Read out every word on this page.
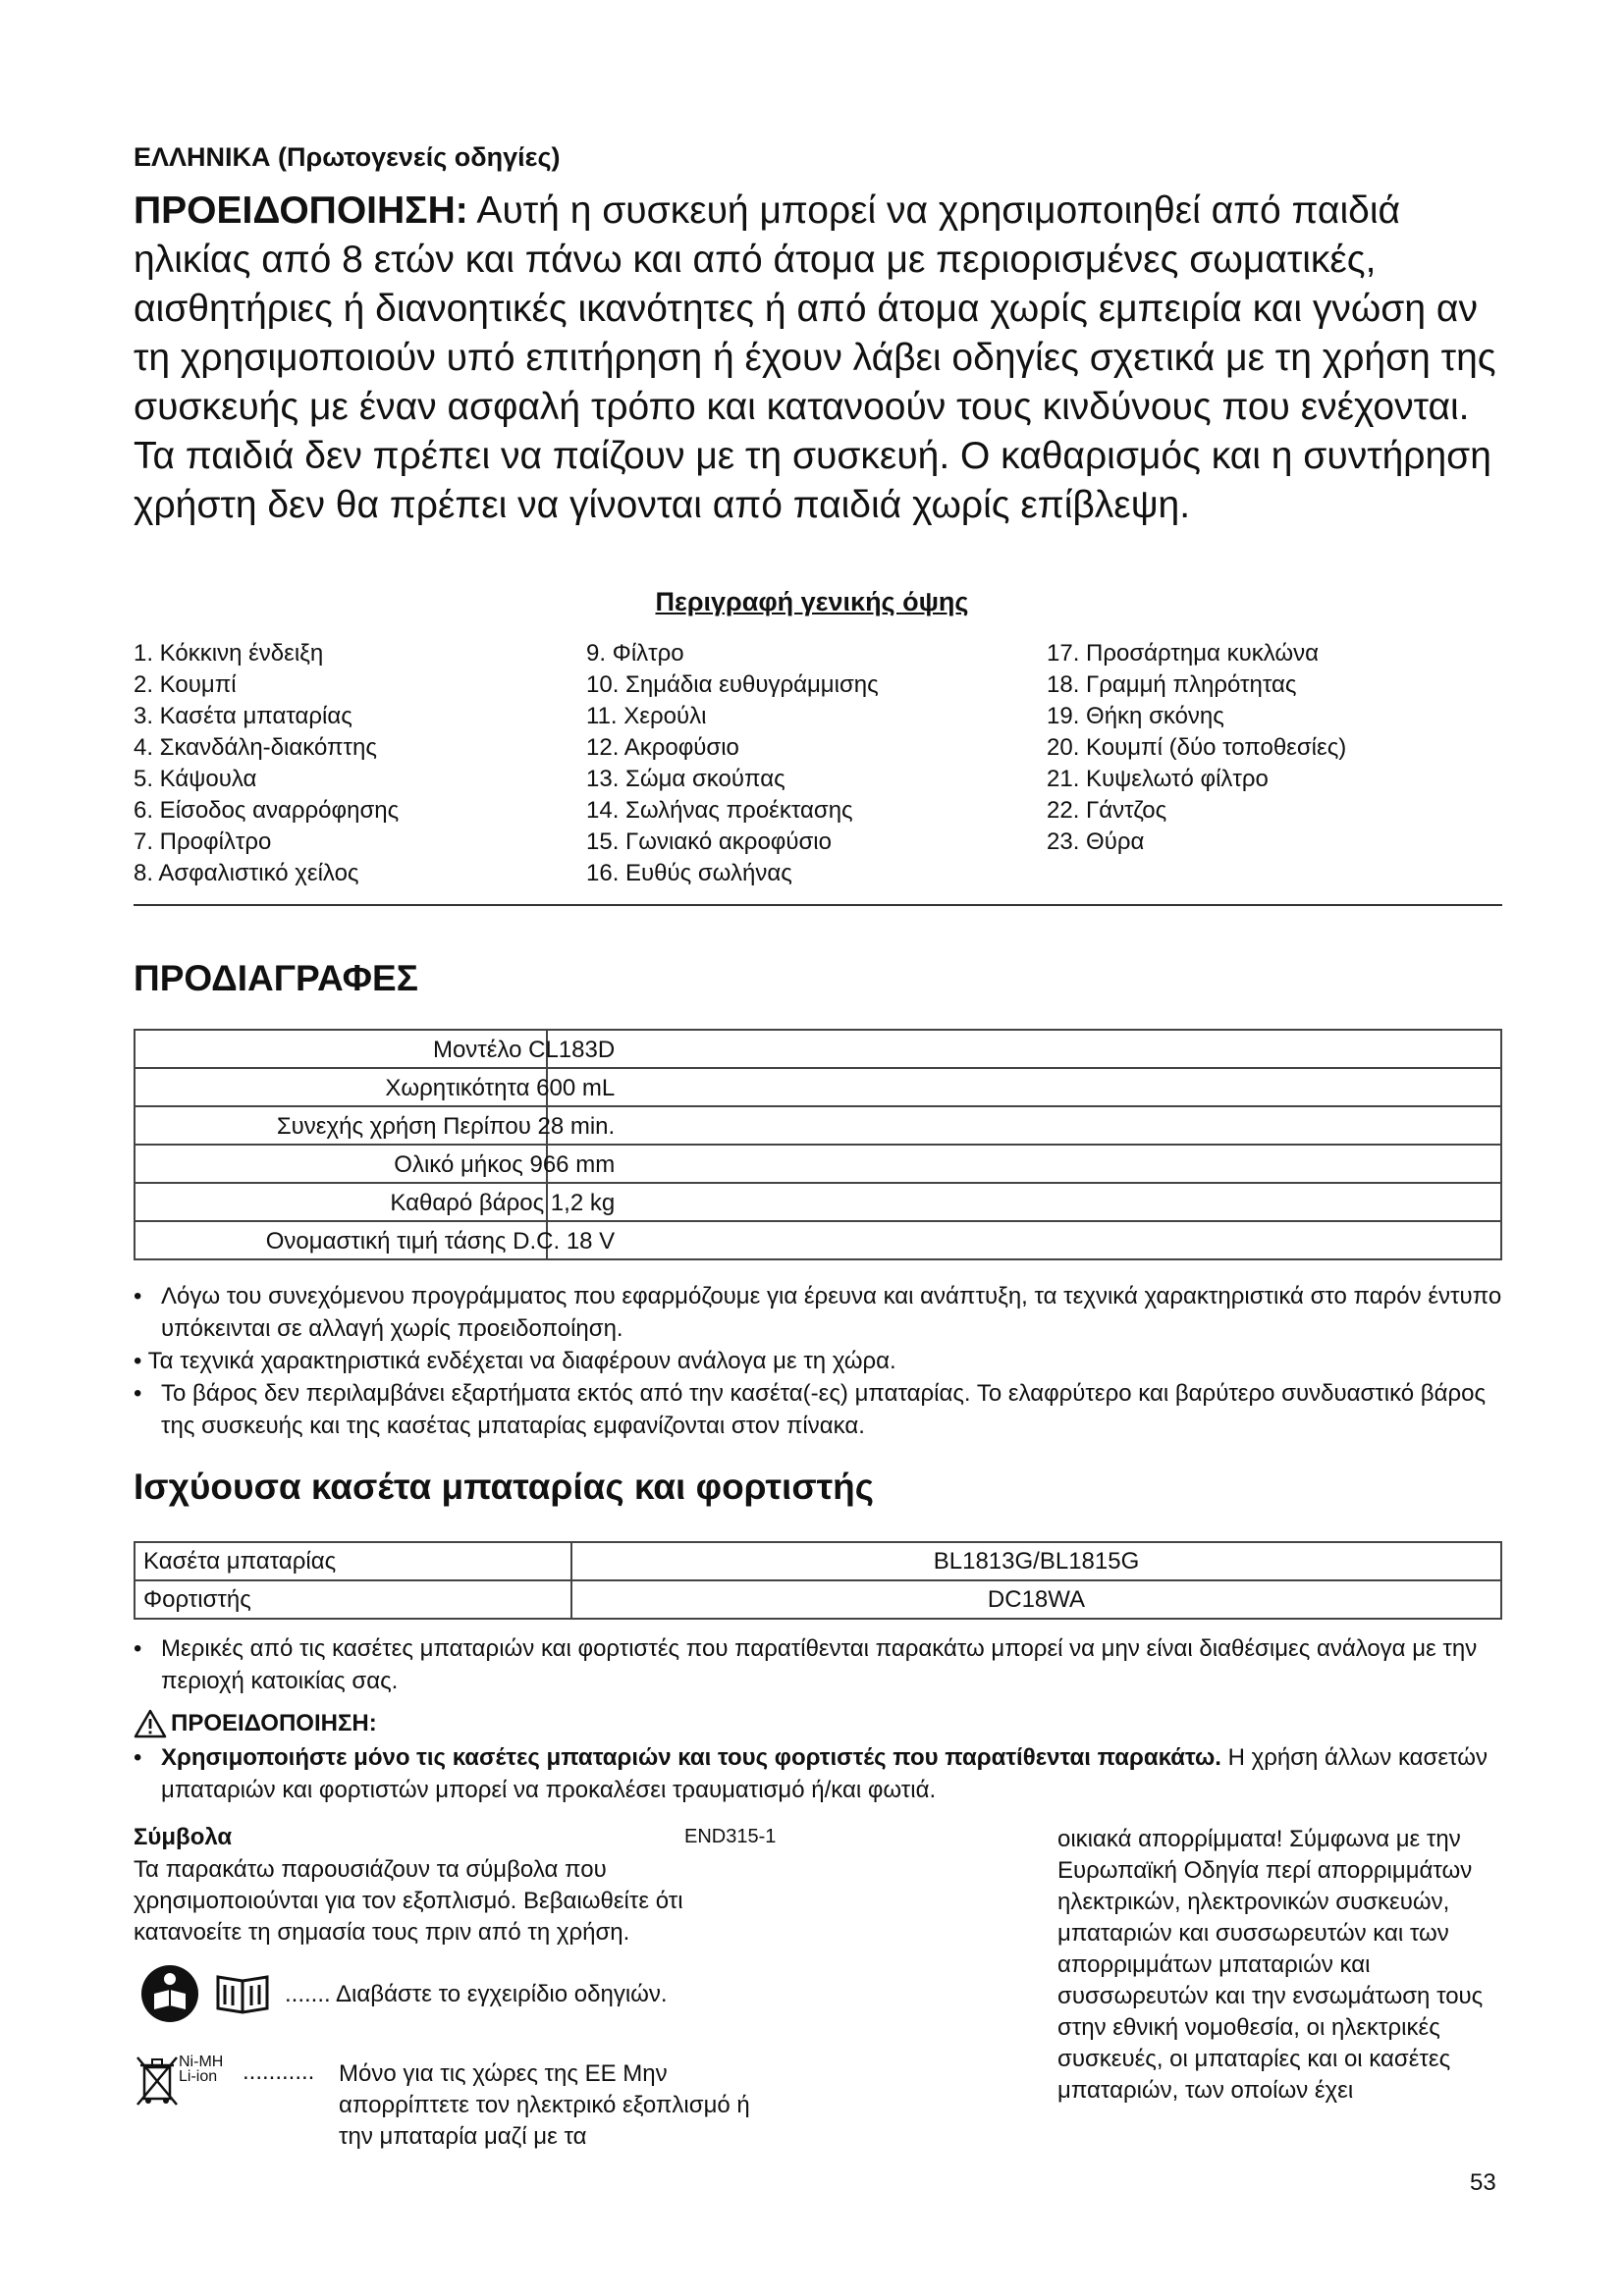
ΕΛΛΗΝΙΚΑ (Πρωτογενείς οδηγίες)

ΠΡΟΕΙΔΟΠΟΙΗΣΗ: Αυτή η συσκευή μπορεί να χρησιμοποιηθεί από παιδιά ηλικίας από 8 ετών και πάνω και από άτομα με περιορισμένες σωματικές, αισθητήριες ή διανοητικές ικανότητες ή από άτομα χωρίς εμπειρία και γνώση αν τη χρησιμοποιούν υπό επιτήρηση ή έχουν λάβει οδηγίες σχετικά με τη χρήση της συσκευής με έναν ασφαλή τρόπο και κατανοούν τους κινδύνους που ενέχονται. Τα παιδιά δεν πρέπει να παίζουν με τη συσκευή. Ο καθαρισμός και η συντήρηση χρήστη δεν θα πρέπει να γίνονται από παιδιά χωρίς επίβλεψη.

Περιγραφή γενικής όψης
1. Κόκκινη ένδειξη
2. Κουμπί
3. Κασέτα μπαταρίας
4. Σκανδάλη-διακόπτης
5. Κάψουλα
6. Είσοδος αναρρόφησης
7. Προφίλτρο
8. Ασφαλιστικό χείλος
9. Φίλτρο
10. Σημάδια ευθυγράμμισης
11. Χερούλι
12. Ακροφύσιο
13. Σώμα σκούπας
14. Σωλήνας προέκτασης
15. Γωνιακό ακροφύσιο
16. Ευθύς σωλήνας
17. Προσάρτημα κυκλώνα
18. Γραμμή πληρότητας
19. Θήκη σκόνης
20. Κουμπί (δύο τοποθεσίες)
21. Κυψελωτό φίλτρο
22. Γάντζος
23. Θύρα
ΠΡΟΔΙΑΓΡΑΦΕΣ
Μοντέλο CL183D	

Χωρητικότητα 600 mL	

Συνεχής χρήση Περίπου 28 min.	

Ολικό μήκος 966 mm	

Καθαρό βάρος 1,2 kg	

Ονομαστική τιμή τάσης D.C. 18 V	

• Λόγω του συνεχόμενου προγράμματος που εφαρμόζουμε για έρευνα και ανάπτυξη, τα τεχνικά χαρακτηριστικά στο παρόν έντυπο υπόκεινται σε αλλαγή χωρίς προειδοποίηση.
• Τα τεχνικά χαρακτηριστικά ενδέχεται να διαφέρουν ανάλογα με τη χώρα.
• Το βάρος δεν περιλαμβάνει εξαρτήματα εκτός από την κασέτα(-ες) μπαταρίας. Το ελαφρύτερο και βαρύτερο συνδυαστικό βάρος της συσκευής και της κασέτας μπαταρίας εμφανίζονται στον πίνακα.
Ισχύουσα κασέτα μπαταρίας και φορτιστής
Κασέτα μπαταρίας	BL1813G/BL1815G
Φορτιστής	DC18WA
• Μερικές από τις κασέτες μπαταριών και φορτιστές που παρατίθενται παρακάτω μπορεί να μην είναι διαθέσιμες ανάλογα με την περιοχή κατοικίας σας.
ΠΡΟΕΙΔΟΠΟΙΗΣΗ:
• Χρησιμοποιήστε μόνο τις κασέτες μπαταριών και τους φορτιστές που παρατίθενται παρακάτω. Η χρήση άλλων κασετών μπαταριών και φορτιστών μπορεί να προκαλέσει τραυματισμό ή/και φωτιά.
Σύμβολα	END315-1

Τα παρακάτω παρουσιάζουν τα σύμβολα που χρησιμοποιούνται για τον εξοπλισμό. Βεβαιωθείτε ότι κατανοείτε τη σημασία τους πριν από τη χρήση.

....... Διαβάστε το εγχειρίδιο οδηγιών.
Ni-MH
Li-ion ........... Μόνο για τις χώρες της ΕΕ Μην απορρίπτετε τον ηλεκτρικό εξοπλισμό ή την μπαταρία μαζί με τα

οικιακά απορρίμματα! Σύμφωνα με την Ευρωπαϊκή Οδηγία περί απορριμμάτων ηλεκτρικών, ηλεκτρονικών συσκευών, μπαταριών και συσσωρευτών και των απορριμμάτων μπαταριών και συσσωρευτών και την ενσωμάτωση τους στην εθνική νομοθεσία, οι ηλεκτρικές συσκευές, οι μπαταρίες και οι κασέτες μπαταριών, των οποίων έχει

53
